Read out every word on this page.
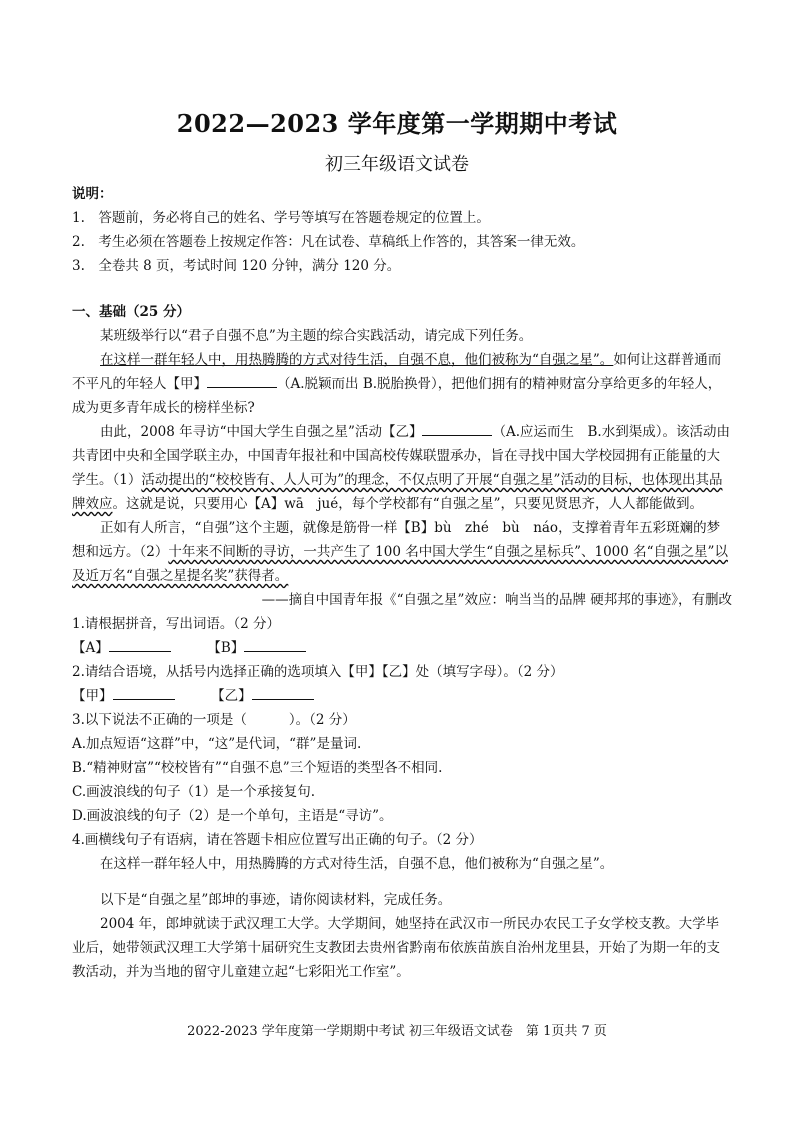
2022—2023 学年度第一学期期中考试
初三年级语文试卷

说明：

1.　答题前，务必将自己的姓名、学号等填写在答题卷规定的位置上。

2.　考生必须在答题卷上按规定作答：凡在试卷、草稿纸上作答的，其答案一律无效。

3.　全卷共 8 页，考试时间 120 分钟，满分 120 分。

一、基础（25 分）

某班级举行以“君子自强不息”为主题的综合实践活动，请完成下列任务。

在这样一群年轻人中，用热腾腾的方式对待生活，自强不息，他们被称为“自强之星”。如何让这群普通而不平凡的年轻人【甲】	（A.脱颖而出 B.脱胎换骨），把他们拥有的精神财富分享给更多的年轻人，成为更多青年成长的榜样坐标?

由此，2008 年寻访“中国大学生自强之星”活动【乙】	（A.应运而生　B.水到渠成）。该活动由共青团中央和全国学联主办，中国青年报社和中国高校传媒联盟承办，旨在寻找中国大学校园拥有正能量的大学生。（1）活动提出的“校校皆有、人人可为”的理念，不仅点明了开展“自强之星”活动的目标，也体现出其品牌效应。这就是说，只要用心【A】wā　jué，每个学校都有“自强之星”，只要见贤思齐，人人都能做到。

正如有人所言，“自强”这个主题，就像是筋骨一样【B】bù　zhé　bù　náo，支撑着青年五彩斑斓的梦想和远方。（2）十年来不间断的寻访，一共产生了 100 名中国大学生“自强之星标兵”、1000 名“自强之星”以及近万名“自强之星提名奖”获得者。

——摘自中国青年报《“自强之星”效应：响当当的品牌 硬邦邦的事迹》，有删改

1.请根据拼音，写出词语。（2 分）

【A】	【B】

2.请结合语境，从括号内选择正确的选项填入【甲】【乙】处（填写字母）。（2 分）

【甲】	【乙】

3.以下说法不正确的一项是（	）。（2 分）

A.加点短语“这群”中，“这”是代词，“群”是量词.

B.“精神财富”“校校皆有”“自强不息”三个短语的类型各不相同.

C.画波浪线的句子（1）是一个承接复句.

D.画波浪线的句子（2）是一个单句，主语是“寻访”。

4.画横线句子有语病，请在答题卡相应位置写出正确的句子。（2 分）

在这样一群年轻人中，用热腾腾的方式对待生活，自强不息，他们被称为“自强之星”。

以下是“自强之星”郎坤的事迹，请你阅读材料，完成任务。

2004 年，郎坤就读于武汉理工大学。大学期间，她坚持在武汉市一所民办农民工子女学校支教。大学毕业后，她带领武汉理工大学第十届研究生支教团去贵州省黔南布依族苗族自治州龙里县，开始了为期一年的支教活动，并为当地的留守儿童建立起“七彩阳光工作室”。

2022-2023 学年度第一学期期中考试 初三年级语文试卷　第 1页共 7 页
